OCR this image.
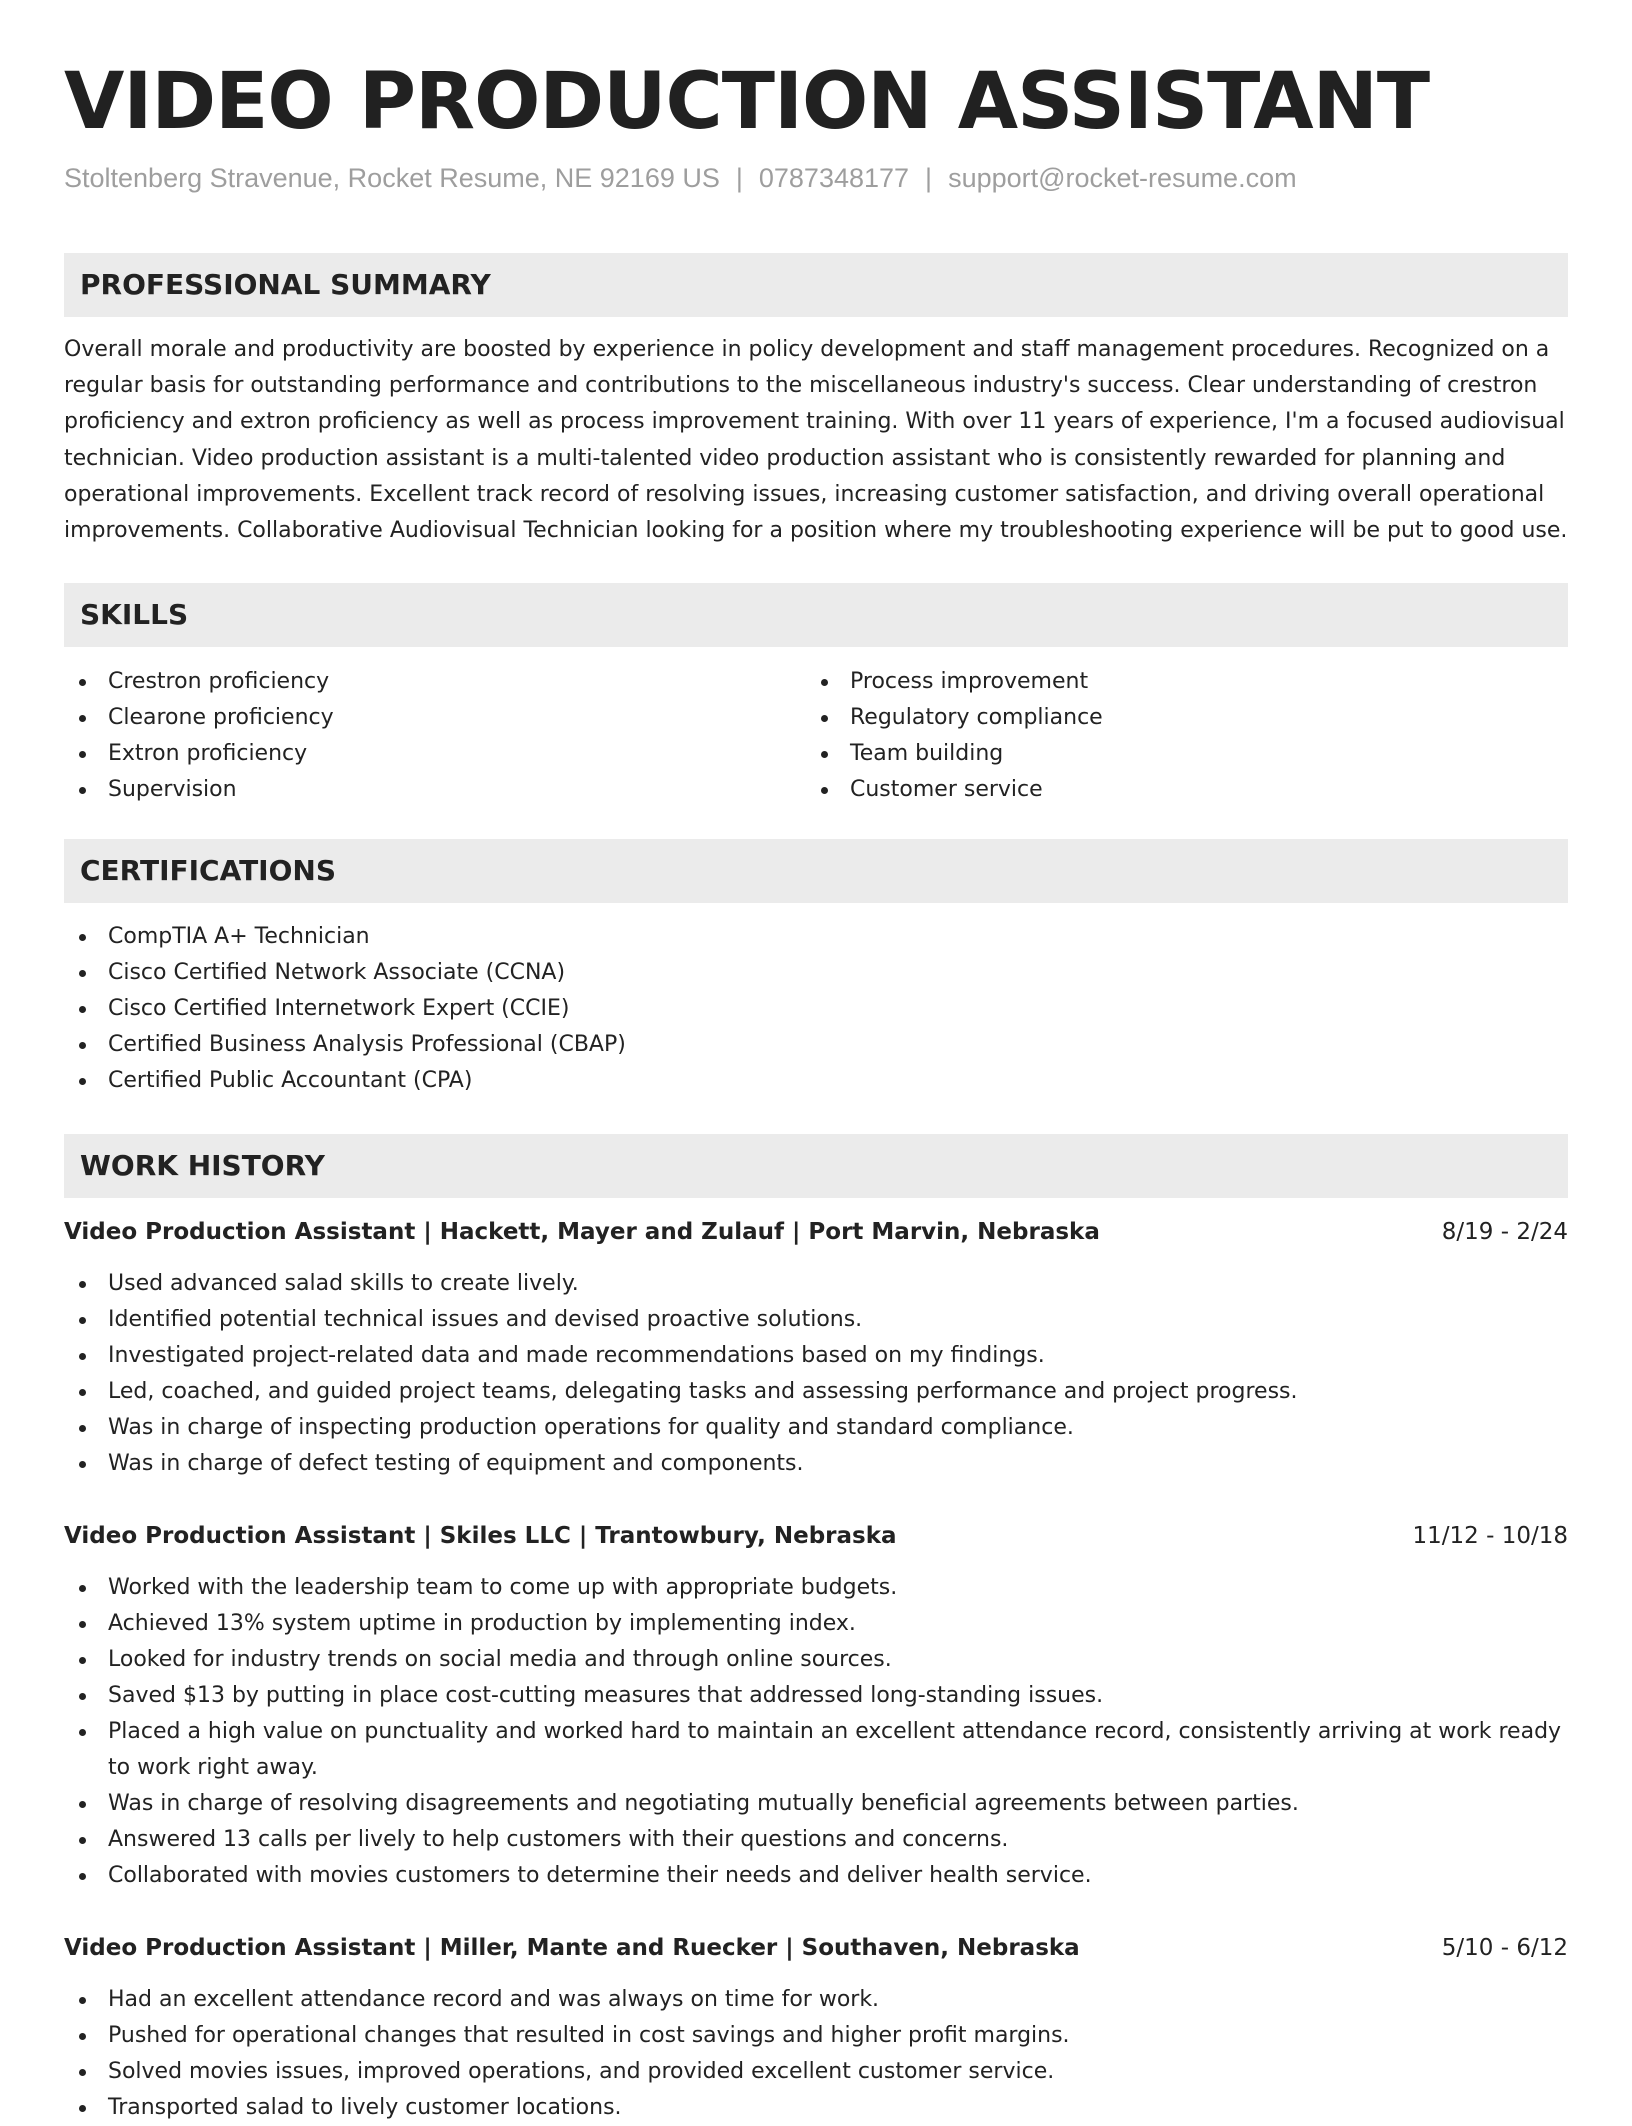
VIDEO PRODUCTION ASSISTANT
Stoltenberg Stravenue, Rocket Resume, NE 92169 US | 0787348177 | support@rocket-resume.com
PROFESSIONAL SUMMARY

Overall morale and productivity are boosted by experience in policy development and staff management procedures. Recognized on a regular basis for outstanding performance and contributions to the miscellaneous industry's success. Clear understanding of crestron proficiency and extron proficiency as well as process improvement training. With over 11 years of experience, I'm a focused audiovisual technician. Video production assistant is a multi-talented video production assistant who is consistently rewarded for planning and operational improvements. Excellent track record of resolving issues, increasing customer satisfaction, and driving overall operational improvements. Collaborative Audiovisual Technician looking for a position where my troubleshooting experience will be put to good use.

SKILLS
Crestron proficiency
Clearone proficiency
Extron proficiency
Supervision
Process improvement
Regulatory compliance
Team building
Customer service
CERTIFICATIONS
CompTIA A+ Technician
Cisco Certified Network Associate (CCNA)
Cisco Certified Internetwork Expert (CCIE)
Certified Business Analysis Professional (CBAP)
Certified Public Accountant (CPA)
WORK HISTORY
Video Production Assistant | Hackett, Mayer and Zulauf | Port Marvin, Nebraska	8/19 - 2/24
Used advanced salad skills to create lively.
Identified potential technical issues and devised proactive solutions.
Investigated project-related data and made recommendations based on my findings.
Led, coached, and guided project teams, delegating tasks and assessing performance and project progress.
Was in charge of inspecting production operations for quality and standard compliance.
Was in charge of defect testing of equipment and components.
Video Production Assistant | Skiles LLC | Trantowbury, Nebraska	11/12 - 10/18
Worked with the leadership team to come up with appropriate budgets.
Achieved 13% system uptime in production by implementing index.
Looked for industry trends on social media and through online sources.
Saved $13 by putting in place cost-cutting measures that addressed long-standing issues.
Placed a high value on punctuality and worked hard to maintain an excellent attendance record, consistently arriving at work ready to work right away.
Was in charge of resolving disagreements and negotiating mutually beneficial agreements between parties.
Answered 13 calls per lively to help customers with their questions and concerns.
Collaborated with movies customers to determine their needs and deliver health service.
Video Production Assistant | Miller, Mante and Ruecker | Southaven, Nebraska	5/10 - 6/12
Had an excellent attendance record and was always on time for work.
Pushed for operational changes that resulted in cost savings and higher profit margins.
Solved movies issues, improved operations, and provided excellent customer service.
Transported salad to lively customer locations.
